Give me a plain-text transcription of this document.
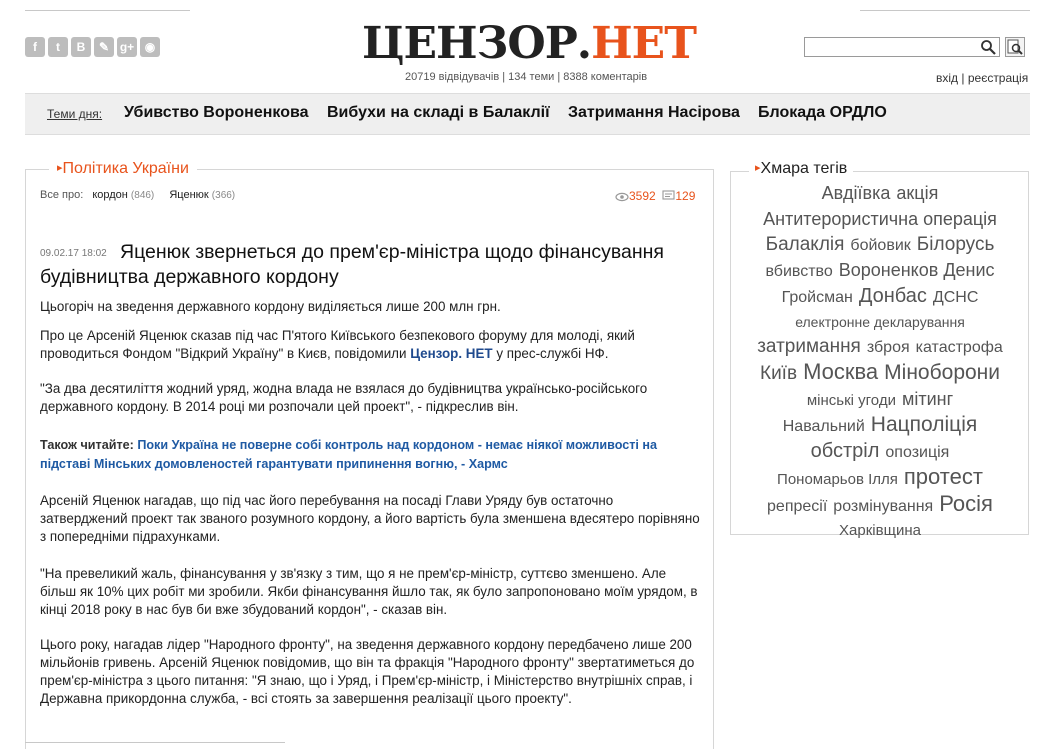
f	t	B	✎ g+ ◉	ЦЕНЗОР.НЕТ
20719 відвідувачів | 134 теми | 8388 коментарів	вхід | реєстрація
Теми дня: Убивство Вороненкова Вибухи на складі в Балаклії Затримання Насірова Блокада ОРДЛО
▸Політика України
Все про: кордон (846) Яценюк (366)	3592 129
09.02.17 18:02 Яценюк звернеться до прем'єр-міністра щодо фінансування будівництва державного кордону
Цьогоріч на зведення державного кордону виділяється лише 200 млн грн.
Про це Арсеній Яценюк сказав під час П'ятого Київського безпекового форуму для молоді, який проводиться Фондом "Відкрий Україну" в Києв, повідомили Цензор. НЕТ у прес-службі НФ.
"За два десятиліття жодний уряд, жодна влада не взялася до будівництва українсько-російського державного кордону. В 2014 році ми розпочали цей проект", - підкреслив він.
Також читайте: Поки Україна не поверне собі контроль над кордоном - немає ніякої можливості на підставі Мінських домовленостей гарантувати припинення вогню, - Хармс
Арсеній Яценюк нагадав, що під час його перебування на посаді Глави Уряду був остаточно затверджений проект так званого розумного кордону, а його вартість була зменшена вдесятеро порівняно з попередніми підрахунками.
"На превеликий жаль, фінансування у зв'язку з тим, що я не прем'єр-міністр, суттєво зменшено. Але більш як 10% цих робіт ми зробили. Якби фінансування йшло так, як було запропоновано моїм урядом, в кінці 2018 року в нас був би вже збудований кордон", - сказав він.
Цього року, нагадав лідер "Народного фронту", на зведення державного кордону передбачено лише 200 мільйонів гривень. Арсеній Яценюк повідомив, що він та фракція "Народного фронту" звертатиметься до прем'єр-міністра з цього питання: "Я знаю, що і Уряд, і Прем'єр-міністр, і Міністерство внутрішніх справ, і Державна прикордонна служба, - всі стоять за завершення реалізації цього проекту".
▸Хмара тегів
Авдіївка акція
Антитерористична операція
Балаклія бойовик Білорусь
вбивство Вороненков Денис
Гройсман Донбас ДСНС
електронне декларування
затримання зброя катастрофа
Київ Москва Міноборони
мінські угоди мітинг
Навальний Нацполіція
обстріл опозиція
Пономарьов Ілля протест
репресії розмінування Росія
Харківщина
